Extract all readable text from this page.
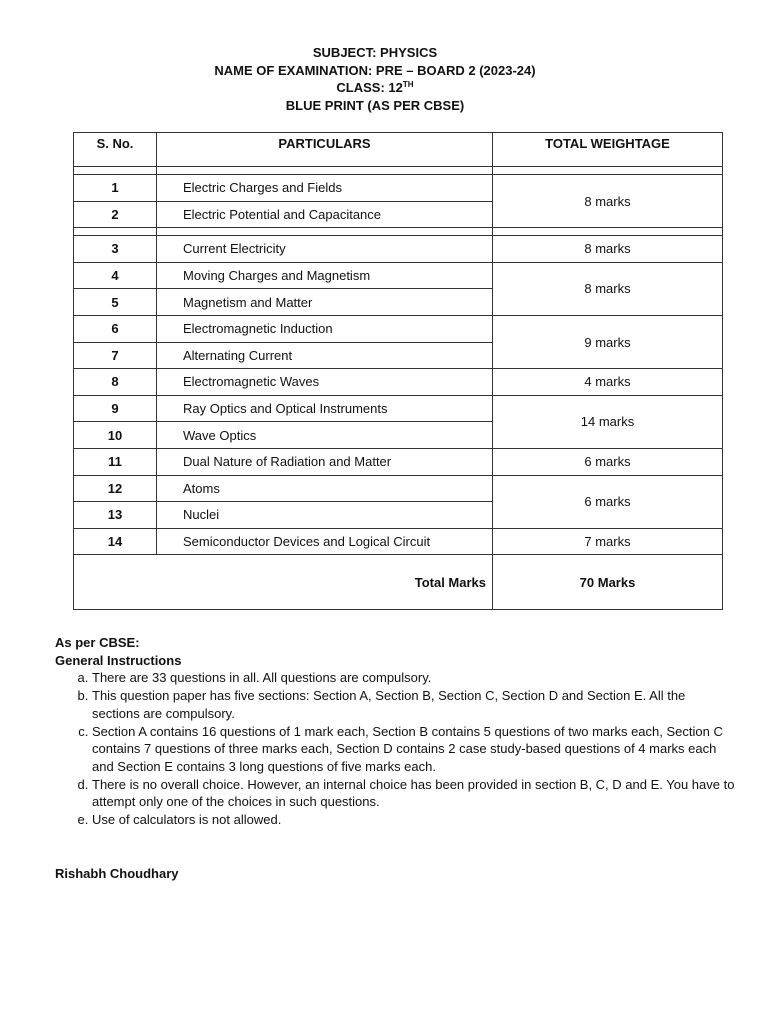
SUBJECT: PHYSICS
NAME OF EXAMINATION: PRE – BOARD 2 (2023-24)
CLASS: 12TH
BLUE PRINT (AS PER CBSE)
S. No.	PARTICULARS	TOTAL WEIGHTAGE

1	Electric Charges and Fields	8 marks
2	Electric Potential and Capacitance	

3	Current Electricity	8 marks
4	Moving Charges and Magnetism	8 marks
5	Magnetism and Matter	
6	Electromagnetic Induction	9 marks
7	Alternating Current	
8	Electromagnetic Waves	4 marks
9	Ray Optics and Optical Instruments	14 marks
10	Wave Optics	
11	Dual Nature of Radiation and Matter	6 marks
12	Atoms	6 marks
13	Nuclei	
14	Semiconductor Devices and Logical Circuit	7 marks
Total Marks		70 Marks
As per CBSE:
General Instructions
a. There are 33 questions in all. All questions are compulsory.
b. This question paper has five sections: Section A, Section B, Section C, Section D and Section E. All the sections are compulsory.
c. Section A contains 16 questions of 1 mark each, Section B contains 5 questions of two marks each, Section C contains 7 questions of three marks each, Section D contains 2 case study-based questions of 4 marks each and Section E contains 3 long questions of five marks each.
d. There is no overall choice. However, an internal choice has been provided in section B, C, D and E. You have to attempt only one of the choices in such questions.
e. Use of calculators is not allowed.
Rishabh Choudhary
